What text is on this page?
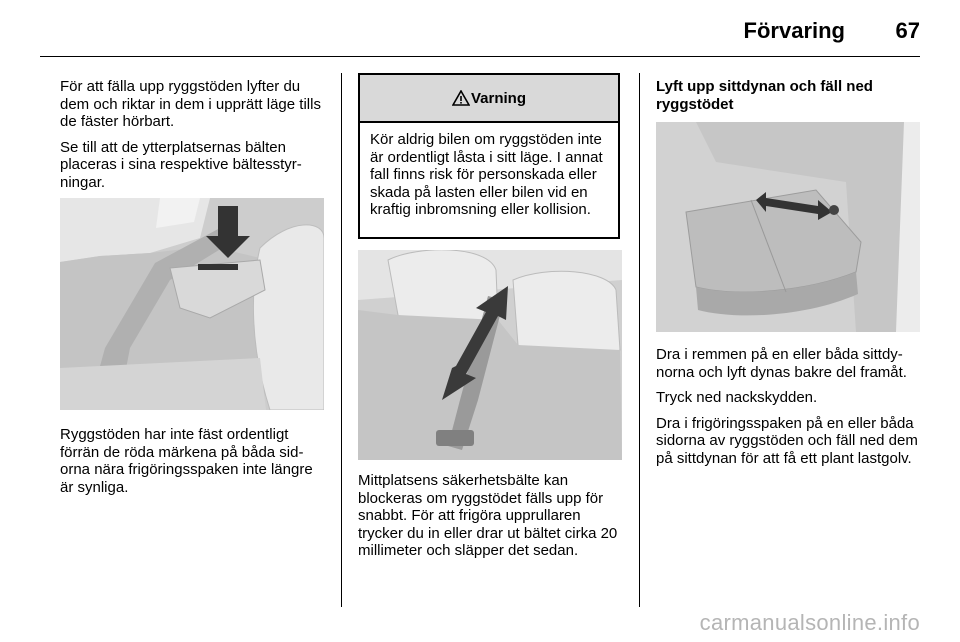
Förvaring 67

För att fälla upp ryggstöden lyfter du dem och riktar in dem i upprätt läge tills de fäster hörbart.

Se till att de ytterplatsernas bälten placeras i sina respektive bältesstyrningar.

Ryggstöden har inte fäst ordentligt förrän de röda märkena på båda sidorna nära frigöringsspaken inte längre är synliga.
Varning
Kör aldrig bilen om ryggstöden inte är ordentligt låsta i sitt läge. I annat fall finns risk för personskada eller skada på lasten eller bilen vid en kraftig inbromsning eller kollision.
Mittplatsens säkerhetsbälte kan blockeras om ryggstödet fälls upp för snabbt. För att frigöra upprullaren trycker du in eller drar ut bältet cirka 20 millimeter och släpper det sedan.
Lyft upp sittdynan och fäll ned ryggstödet

Dra i remmen på en eller båda sittdynorna och lyft dynas bakre del framåt.

Tryck ned nackskydden.

Dra i frigöringsspaken på en eller båda sidorna av ryggstöden och fäll ned dem på sittdynan för att få ett plant lastgolv.

carmanualsonline.info
